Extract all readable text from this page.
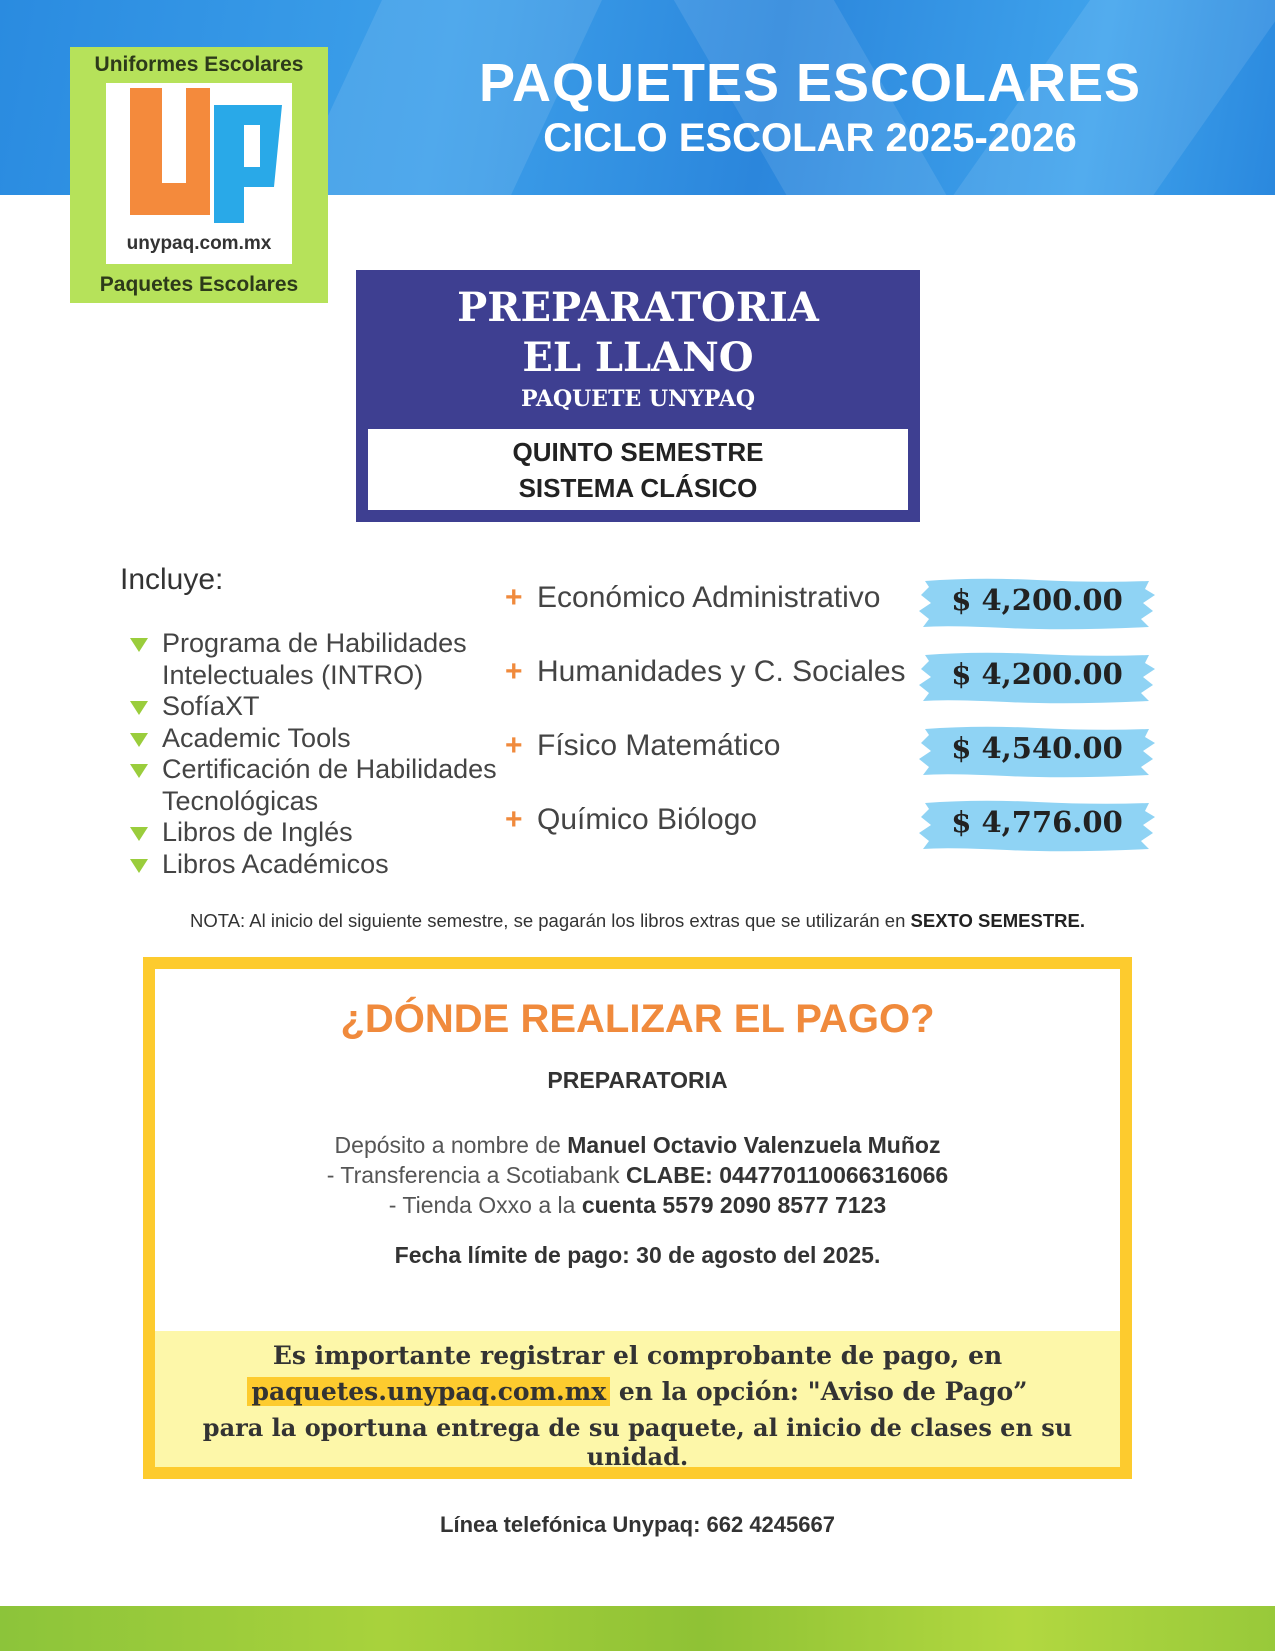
PAQUETES ESCOLARES
CICLO ESCOLAR 2025-2026
Uniformes Escolares
unypaq.com.mx
Paquetes Escolares	PREPARATORIA
EL LLANO
PAQUETE UNYPAQ
QUINTO SEMESTRE
SISTEMA CLÁSICO
Incluye:
Programa de Habilidades Intelectuales (INTRO)
SofíaXT
Academic Tools
Certificación de Habilidades Tecnológicas
Libros de Inglés
Libros Académicos
+ Económico Administrativo	$ 4,200.00
+ Humanidades y C. Sociales	$ 4,200.00
+ Físico Matemático	$ 4,540.00
+ Químico Biólogo	$ 4,776.00
NOTA: Al inicio del siguiente semestre, se pagarán los libros extras que se utilizarán en SEXTO SEMESTRE.
¿DÓNDE REALIZAR EL PAGO?
PREPARATORIA
Depósito a nombre de Manuel Octavio Valenzuela Muñoz
- Transferencia a Scotiabank CLABE: 044770110066316066
- Tienda Oxxo a la cuenta 5579 2090 8577 7123
Fecha límite de pago: 30 de agosto del 2025.
Es importante registrar el comprobante de pago, en
paquetes.unypaq.com.mx en la opción: "Aviso de Pago”
para la oportuna entrega de su paquete, al inicio de clases en su unidad.
Línea telefónica Unypaq: 662 4245667
